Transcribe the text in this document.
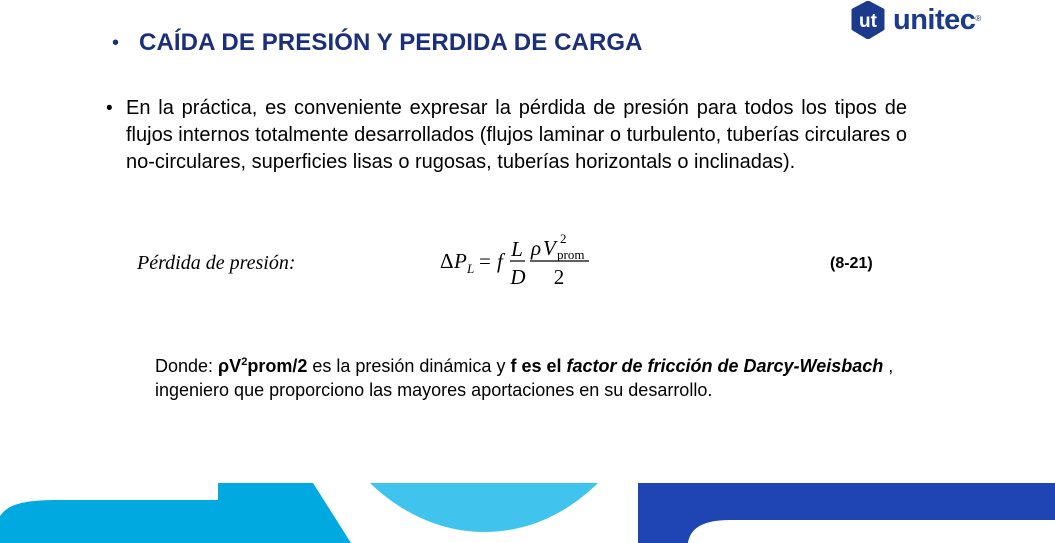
ut unitec ®
• CAÍDA DE PRESIÓN Y PERDIDA DE CARGA
• En la práctica, es conveniente expresar la pérdida de presión para todos los tipos de flujos internos totalmente desarrollados (flujos laminar o turbulento, tuberías circulares o no-circulares, superficies lisas o rugosas, tuberías horizontals o inclinadas).

Pérdida de presión:	Δ P L = f L
D
ρ V 2
prom
2
(8-21)
Donde: $\rho V^2prom/2$ es la presión dinámica y f es el factor de fricción de Darcy-Weisbach , ingeniero que proporciono las mayores aportaciones en su desarrollo.
